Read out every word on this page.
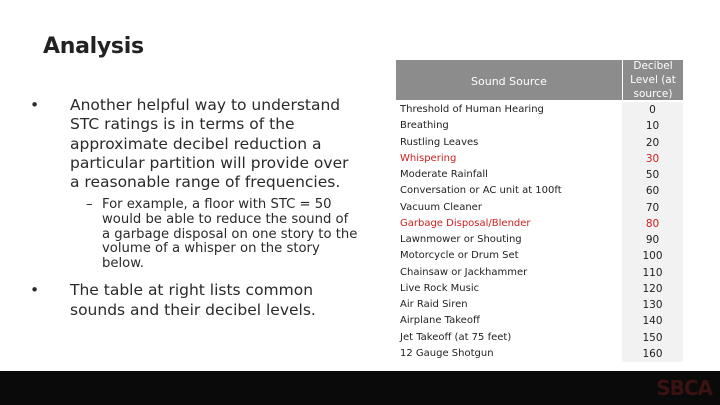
Analysis
• Another helpful way to understand STC ratings is in terms of the approximate decibel reduction a particular partition will provide over a reasonable range of frequencies.
– For example, a floor with STC = 50 would be able to reduce the sound of a garbage disposal on one story to the volume of a whisper on the story below.
• The table at right lists common sounds and their decibel levels.
Sound Source
Decibel Level (at source)
Threshold of Human Hearing
Breathing
Rustling Leaves
Whispering
Moderate Rainfall
Conversation or AC unit at 100ft
Vacuum Cleaner
Garbage Disposal/Blender
Lawnmower or Shouting
Motorcycle or Drum Set
Chainsaw or Jackhammer
Live Rock Music
Air Raid Siren
Airplane Takeoff
Jet Takeoff (at 75 feet)
12 Gauge Shotgun
0
10
20
30
50
60
70
80
90
100
110
120
130
140
150
160
SBCA
